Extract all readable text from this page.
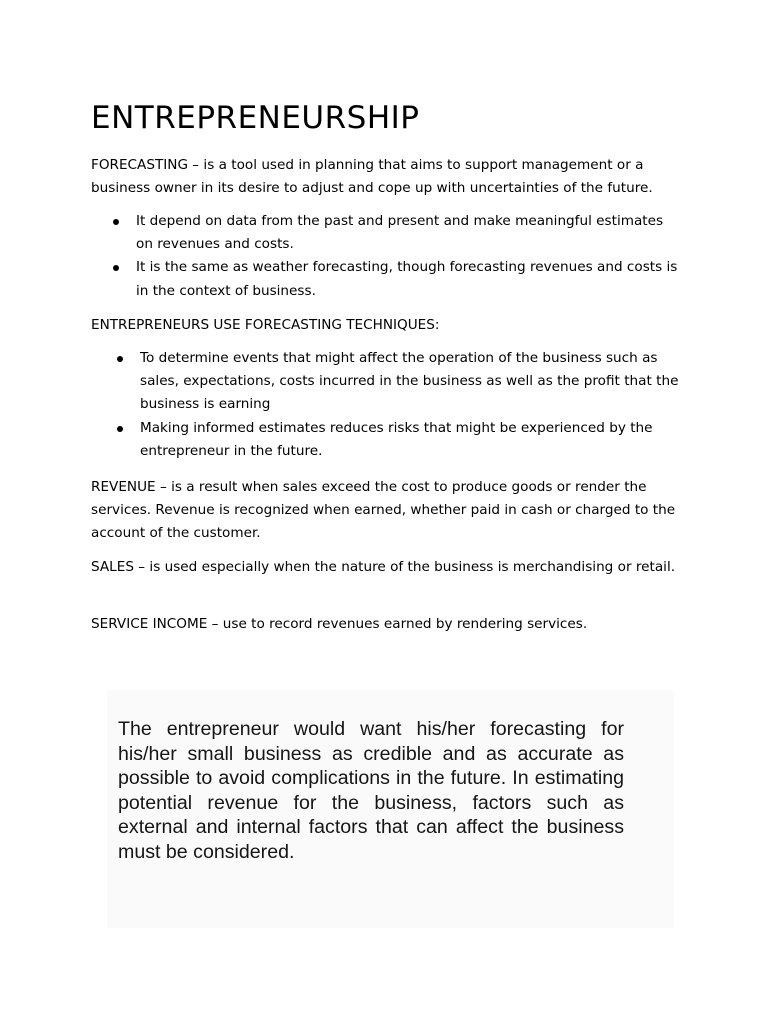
ENTREPRENEURSHIP

FORECASTING – is a tool used in planning that aims to support management or a business owner in its desire to adjust and cope up with uncertainties of the future.

It depend on data from the past and present and make meaningful estimates on revenues and costs.
It is the same as weather forecasting, though forecasting revenues and costs is in the context of business.

ENTREPRENEURS USE FORECASTING TECHNIQUES:

To determine events that might affect the operation of the business such as sales, expectations, costs incurred in the business as well as the profit that the business is earning
Making informed estimates reduces risks that might be experienced by the entrepreneur in the future.

REVENUE – is a result when sales exceed the cost to produce goods or render the services. Revenue is recognized when earned, whether paid in cash or charged to the account of the customer.

SALES – is used especially when the nature of the business is merchandising or retail.

SERVICE INCOME – use to record revenues earned by rendering services.

The entrepreneur would want his/her forecasting for his/her small business as credible and as accurate as possible to avoid complications in the future. In estimating potential revenue for the business, factors such as external and internal factors that can affect the business must be considered.
